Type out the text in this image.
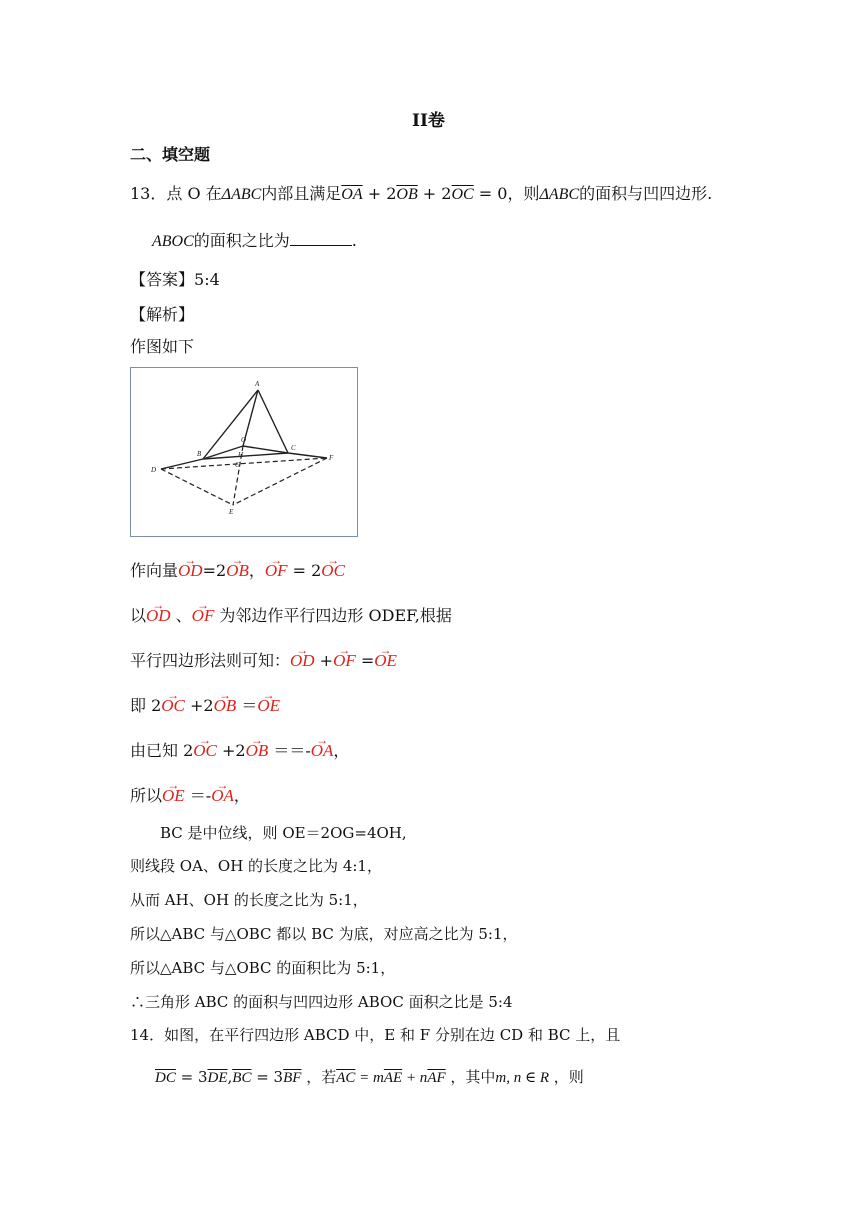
II卷
二、填空题
13．点 O 在ΔABC内部且满足$\overline{OA} + 2\overline{OB} + 2\overline{OC} = 0$，则ΔABC的面积与凹四边形.
ABOC的面积之比为	.
【答案】5:4
【解析】
作图如下
A
O
B
C
D
F
E
G
H
作向量→ OD=2→ OB，→ OF = 2→ OC
以→ OD 、→ OF 为邻边作平行四边形 ODEF,根据
平行四边形法则可知：→ OD +→ OF =→ OE
即 2→ OC +2→ OB ＝→ OE
由已知 2→ OC +2→ OB ＝＝-→ OA，
所以→ OE ＝-→ OA，
BC 是中位线，则 OE＝2OG=4OH,
则线段 OA、OH 的长度之比为 4:1，
从而 AH、OH 的长度之比为 5:1，
所以△ABC 与△OBC 都以 BC 为底，对应高之比为 5:1，
所以△ABC 与△OBC 的面积比为 5:1，
∴三角形 ABC 的面积与凹四边形 ABOC 面积之比是 5:4
14．如图，在平行四边形 ABCD 中，E 和 F 分别在边 CD 和 BC 上，且
$\overline{DC} = 3\overline{DE},\overline{BC} = 3\overline{BF}$ ，若$\overline{AC} = m\overline{AE} + n\overline{AF}$ ，其中m, n ∈ R ，则
